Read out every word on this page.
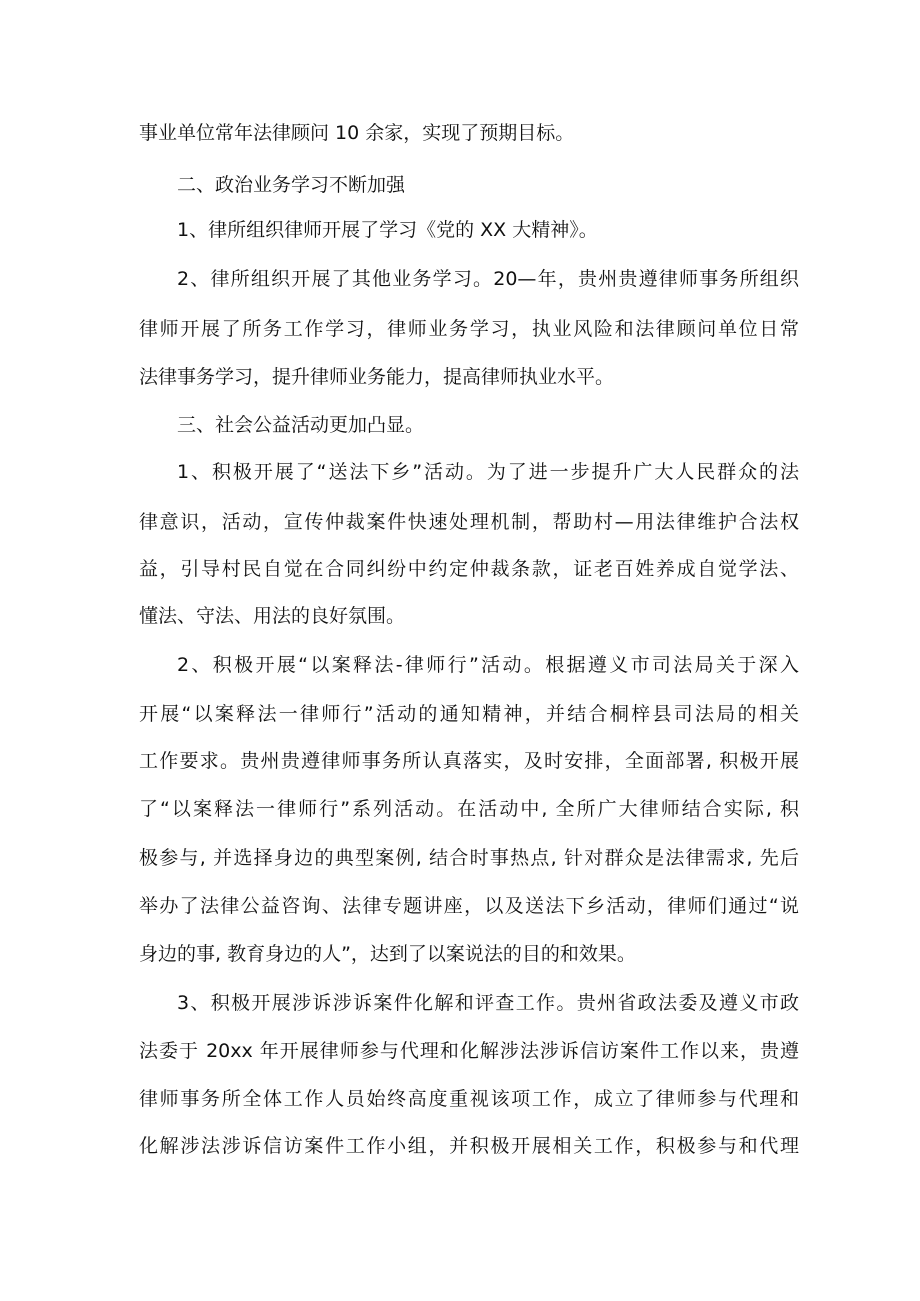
事业单位常年法律顾问 10 余家，实现了预期目标。
二、政治业务学习不断加强
1、律所组织律师开展了学习《党的 XX 大精神》。
2、律所组织开展了其他业务学习。20—年，贵州贵遵律师事务所组织
律师开展了所务工作学习，律师业务学习，执业风险和法律顾问单位日常
法律事务学习，提升律师业务能力，提高律师执业水平。
三、社会公益活动更加凸显。
1、积极开展了“送法下乡”活动。为了进一步提升广大人民群众的法
律意识，活动，宣传仲裁案件快速处理机制，帮助村—用法律维护合法权
益，引导村民自觉在合同纠纷中约定仲裁条款，证老百姓养成自觉学法、
懂法、守法、用法的良好氛围。
2、积极开展“以案释法-律师行”活动。根据遵义市司法局关于深入
开展“以案释法一律师行”活动的通知精神，并结合桐梓县司法局的相关
工作要求。贵州贵遵律师事务所认真落实，及时安排，全面部署, 积极开展
了“以案释法一律师行”系列活动。在活动中, 全所广大律师结合实际, 积
极参与, 并选择身边的典型案例, 结合时事热点, 针对群众是法律需求, 先后
举办了法律公益咨询、法律专题讲座，以及送法下乡活动，律师们通过“说
身边的事, 教育身边的人”，达到了以案说法的目的和效果。
3、积极开展涉诉涉诉案件化解和评查工作。贵州省政法委及遵义市政
法委于 20xx 年开展律师参与代理和化解涉法涉诉信访案件工作以来，贵遵
律师事务所全体工作人员始终高度重视该项工作，成立了律师参与代理和
化解涉法涉诉信访案件工作小组，并积极开展相关工作，积极参与和代理
